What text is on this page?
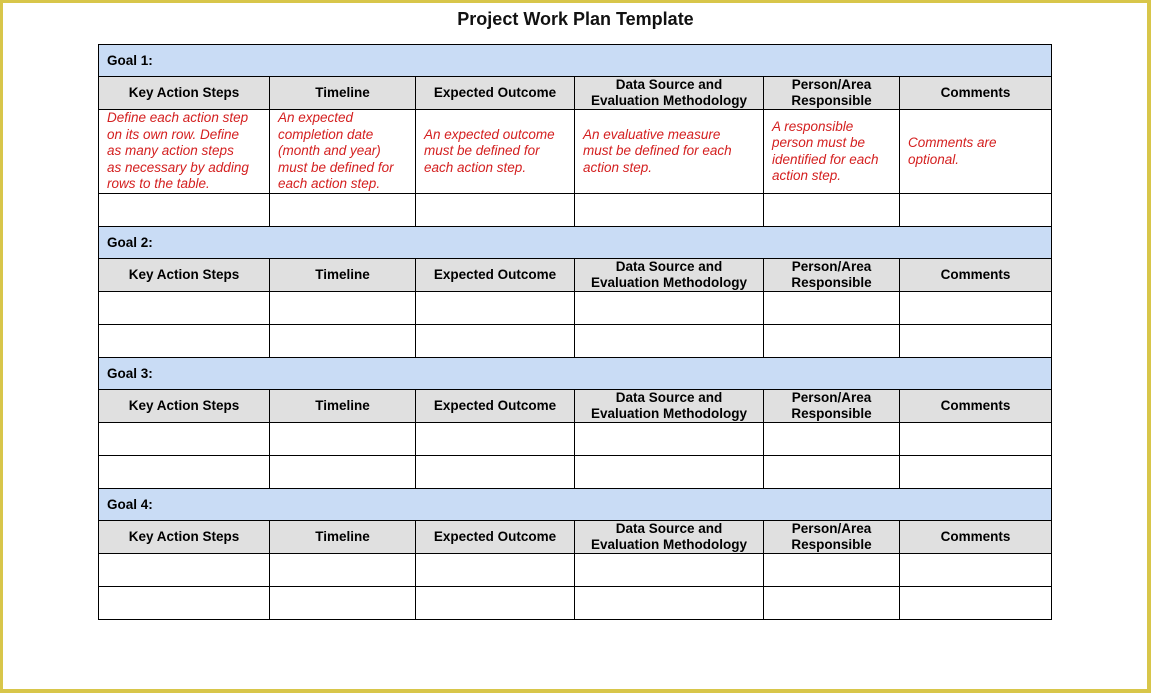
Project Work Plan Template
Goal 1:					
Key Action Steps	Timeline	Expected Outcome	Data Source and
Evaluation Methodology	Person/Area
Responsible	Comments
Define each action step
on its own row. Define
as many action steps
as necessary by adding
rows to the table.	An expected
completion date
(month and year)
must be defined for
each action step.	An expected outcome
must be defined for
each action step.	An evaluative measure
must be defined for each
action step.	A responsible
person must be
identified for each
action step.	Comments are
optional.

Goal 2:					
Key Action Steps	Timeline	Expected Outcome	Data Source and
Evaluation Methodology	Person/Area
Responsible	Comments

Goal 3:					
Key Action Steps	Timeline	Expected Outcome	Data Source and
Evaluation Methodology	Person/Area
Responsible	Comments

Goal 4:					
Key Action Steps	Timeline	Expected Outcome	Data Source and
Evaluation Methodology	Person/Area
Responsible	Comments
